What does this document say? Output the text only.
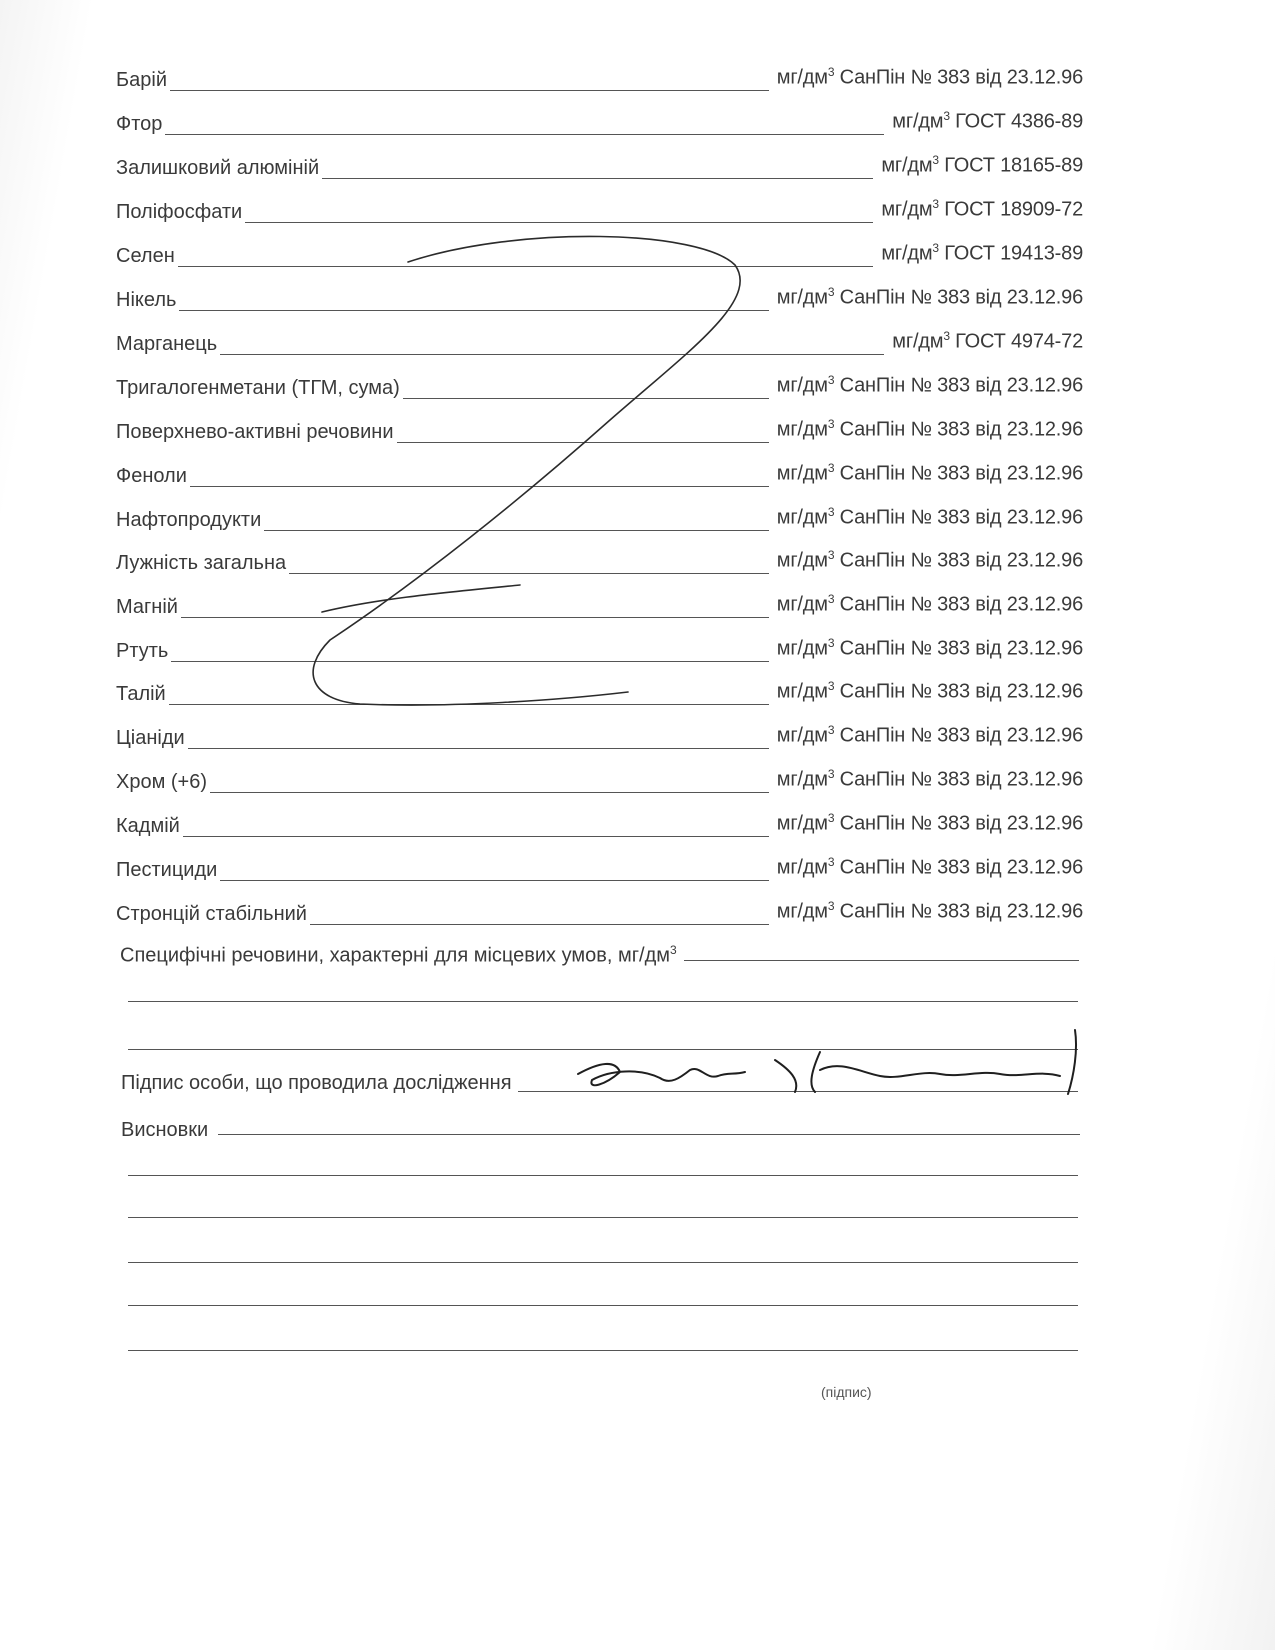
Барій	$мг/дм^3$ СанПін № 383 від 23.12.96
Фтор	$мг/дм^3$ ГОСТ 4386-89
Залишковий алюміній	$мг/дм^3$ ГОСТ 18165-89
Поліфосфати	$мг/дм^3$ ГОСТ 18909-72
Селен	$мг/дм^3$ ГОСТ 19413-89
Нікель	$мг/дм^3$ СанПін № 383 від 23.12.96
Марганець	$мг/дм^3$ ГОСТ 4974-72
Тригалогенметани (ТГМ, сума)	$мг/дм^3$ СанПін № 383 від 23.12.96
Поверхнево-активні речовини	$мг/дм^3$ СанПін № 383 від 23.12.96
Феноли	$мг/дм^3$ СанПін № 383 від 23.12.96
Нафтопродукти	$мг/дм^3$ СанПін № 383 від 23.12.96
Лужність загальна	$мг/дм^3$ СанПін № 383 від 23.12.96
Магній	$мг/дм^3$ СанПін № 383 від 23.12.96
Ртуть	$мг/дм^3$ СанПін № 383 від 23.12.96
Талій	$мг/дм^3$ СанПін № 383 від 23.12.96
Ціаніди	$мг/дм^3$ СанПін № 383 від 23.12.96
Хром (+6)	$мг/дм^3$ СанПін № 383 від 23.12.96
Кадмій	$мг/дм^3$ СанПін № 383 від 23.12.96
Пестициди	$мг/дм^3$ СанПін № 383 від 23.12.96
Стронцій стабільний	$мг/дм^3$ СанПін № 383 від 23.12.96
Специфічні речовини, характерні для місцевих умов, $мг/дм^3$
Підпис особи, що проводила дослідження
Висновки
(підпис)
